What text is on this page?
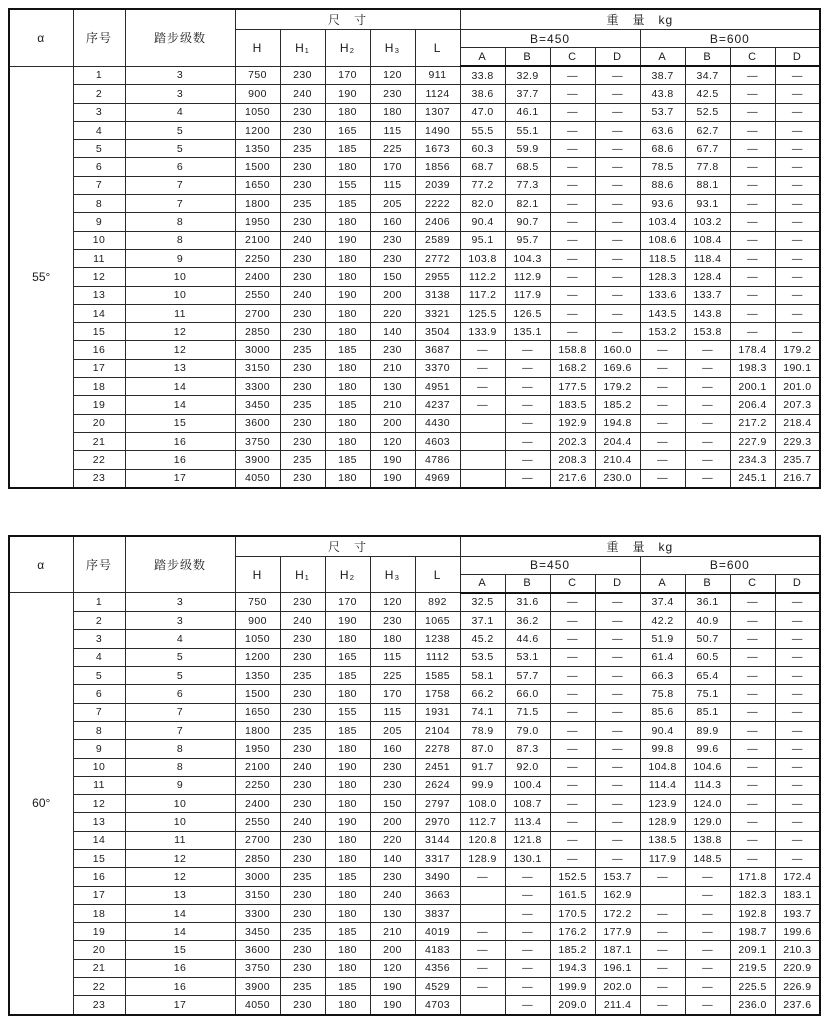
α	序号	踏步级数	尺　寸					重　量　kg							
			H	H₁	H₂	H₃	L	B=450				B=600			
								A	B	C	D	A	B	C	D
55°	1	3	750	230	170	120	911	33.8	32.9	—	—	38.7	34.7	—	—
	2	3	900	240	190	230	1124	38.6	37.7	—	—	43.8	42.5	—	—
	3	4	1050	230	180	180	1307	47.0	46.1	—	—	53.7	52.5	—	—
	4	5	1200	230	165	115	1490	55.5	55.1	—	—	63.6	62.7	—	—
	5	5	1350	235	185	225	1673	60.3	59.9	—	—	68.6	67.7	—	—
	6	6	1500	230	180	170	1856	68.7	68.5	—	—	78.5	77.8	—	—
	7	7	1650	230	155	115	2039	77.2	77.3	—	—	88.6	88.1	—	—
	8	7	1800	235	185	205	2222	82.0	82.1	—	—	93.6	93.1	—	—
	9	8	1950	230	180	160	2406	90.4	90.7	—	—	103.4	103.2	—	—
	10	8	2100	240	190	230	2589	95.1	95.7	—	—	108.6	108.4	—	—
	11	9	2250	230	180	230	2772	103.8	104.3	—	—	118.5	118.4	—	—
	12	10	2400	230	180	150	2955	112.2	112.9	—	—	128.3	128.4	—	—
	13	10	2550	240	190	200	3138	117.2	117.9	—	—	133.6	133.7	—	—
	14	11	2700	230	180	220	3321	125.5	126.5	—	—	143.5	143.8	—	—
	15	12	2850	230	180	140	3504	133.9	135.1	—	—	153.2	153.8	—	—
	16	12	3000	235	185	230	3687	—	—	158.8	160.0	—	—	178.4	179.2
	17	13	3150	230	180	210	3370	—	—	168.2	169.6	—	—	198.3	190.1
	18	14	3300	230	180	130	4951	—	—	177.5	179.2	—	—	200.1	201.0
	19	14	3450	235	185	210	4237	—	—	183.5	185.2	—	—	206.4	207.3
	20	15	3600	230	180	200	4430		—	192.9	194.8	—	—	217.2	218.4
	21	16	3750	230	180	120	4603		—	202.3	204.4	—	—	227.9	229.3
	22	16	3900	235	185	190	4786		—	208.3	210.4	—	—	234.3	235.7
	23	17	4050	230	180	190	4969		—	217.6	230.0	—	—	245.1	216.7
α	序号	踏步级数	尺　寸					重　量　kg							
			H	H₁	H₂	H₃	L	B=450				B=600			
								A	B	C	D	A	B	C	D
60°	1	3	750	230	170	120	892	32.5	31.6	—	—	37.4	36.1	—	—
	2	3	900	240	190	230	1065	37.1	36.2	—	—	42.2	40.9	—	—
	3	4	1050	230	180	180	1238	45.2	44.6	—	—	51.9	50.7	—	—
	4	5	1200	230	165	115	1112	53.5	53.1	—	—	61.4	60.5	—	—
	5	5	1350	235	185	225	1585	58.1	57.7	—	—	66.3	65.4	—	—
	6	6	1500	230	180	170	1758	66.2	66.0	—	—	75.8	75.1	—	—
	7	7	1650	230	155	115	1931	74.1	71.5	—	—	85.6	85.1	—	—
	8	7	1800	235	185	205	2104	78.9	79.0	—	—	90.4	89.9	—	—
	9	8	1950	230	180	160	2278	87.0	87.3	—	—	99.8	99.6	—	—
	10	8	2100	240	190	230	2451	91.7	92.0	—	—	104.8	104.6	—	—
	11	9	2250	230	180	230	2624	99.9	100.4	—	—	114.4	114.3	—	—
	12	10	2400	230	180	150	2797	108.0	108.7	—	—	123.9	124.0	—	—
	13	10	2550	240	190	200	2970	112.7	113.4	—	—	128.9	129.0	—	—
	14	11	2700	230	180	220	3144	120.8	121.8	—	—	138.5	138.8	—	—
	15	12	2850	230	180	140	3317	128.9	130.1	—	—	117.9	148.5	—	—
	16	12	3000	235	185	230	3490	—	—	152.5	153.7	—	—	171.8	172.4
	17	13	3150	230	180	240	3663		—	161.5	162.9		—	182.3	183.1
	18	14	3300	230	180	130	3837		—	170.5	172.2	—	—	192.8	193.7
	19	14	3450	235	185	210	4019	—	—	176.2	177.9	—	—	198.7	199.6
	20	15	3600	230	180	200	4183	—	—	185.2	187.1	—	—	209.1	210.3
	21	16	3750	230	180	120	4356	—	—	194.3	196.1	—	—	219.5	220.9
	22	16	3900	235	185	190	4529	—	—	199.9	202.0	—	—	225.5	226.9
	23	17	4050	230	180	190	4703		—	209.0	211.4	—	—	236.0	237.6
